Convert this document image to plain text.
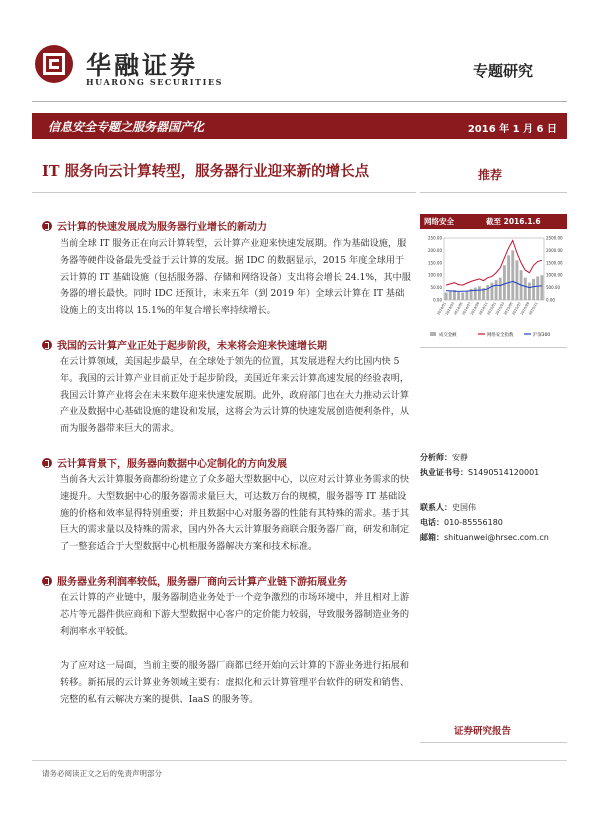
华融证券
HUARONG SECURITIES
专题研究
信息安全专题之服务器国产化	2016 年 1 月 6 日
IT 服务向云计算转型，服务器行业迎来新的增长点	推荐
云计算的快速发展成为服务器行业增长的新动力
当前全球 IT 服务正在向云计算转型，云计算产业迎来快速发展期。作为基础设施，服务器等硬件设备最先受益于云计算的发展。据 IDC 的数据显示，2015 年度全球用于云计算的 IT 基础设施（包括服务器、存储和网络设备）支出将会增长 24.1%，其中服务器的增长最快。同时 IDC 还预计，未来五年（到 2019 年）全球云计算在 IT 基础设施上的支出将以 15.1%的年复合增长率持续增长。
我国的云计算产业正处于起步阶段，未来将会迎来快速增长期
在云计算领域，美国起步最早，在全球处于领先的位置，其发展进程大约比国内快 5 年。我国的云计算产业目前正处于起步阶段，美国近年来云计算高速发展的经验表明，我国云计算产业将会在未来数年迎来快速发展期。此外，政府部门也在大力推动云计算产业及数据中心基础设施的建设和发展，这将会为云计算的快速发展创造便利条件，从而为服务器带来巨大的需求。
云计算背景下，服务器向数据中心定制化的方向发展
当前各大云计算服务商都纷纷建立了众多超大型数据中心，以应对云计算业务需求的快速提升。大型数据中心的服务器需求量巨大，可达数万台的规模，服务器等 IT 基础设施的价格和效率显得特别重要；并且数据中心对服务器的性能有其特殊的需求。基于其巨大的需求量以及特殊的需求，国内外各大云计算服务商联合服务器厂商，研发和制定了一整套适合于大型数据中心机柜服务器解决方案和技术标准。
服务器业务利润率较低，服务器厂商向云计算产业链下游拓展业务
在云计算的产业链中，服务器制造业务处于一个竞争激烈的市场环境中，并且相对上游芯片等元器件供应商和下游大型数据中心客户的定价能力较弱，导致服务器制造业务的利润率水平较低。
为了应对这一局面，当前主要的服务器厂商都已经开始向云计算的下游业务进行拓展和转移。新拓展的云计算业务领域主要有：虚拟化和云计算管理平台软件的研发和销售、完整的私有云解决方案的提供、IaaS 的服务等。
网络安全	截至 2016.1.6
250.00
200.00
150.00
100.00
50.00
0.00
2500.00
2000.00
1500.00
1000.00
500.00
0.00
2014/01
2014/03
2014/05
2014/07
2014/09
2014/11
2015/01
2015/03
2015/05
2015/07
2015/09
2015/11
成交金额	网络安全指数	沪深300
分析师：安静
执业证书号：S1490514120001
联系人：史国伟
电话：010-85556180
邮箱：shituanwei@hrsec.com.cn
证券研究报告
请务必阅读正文之后的免责声明部分
